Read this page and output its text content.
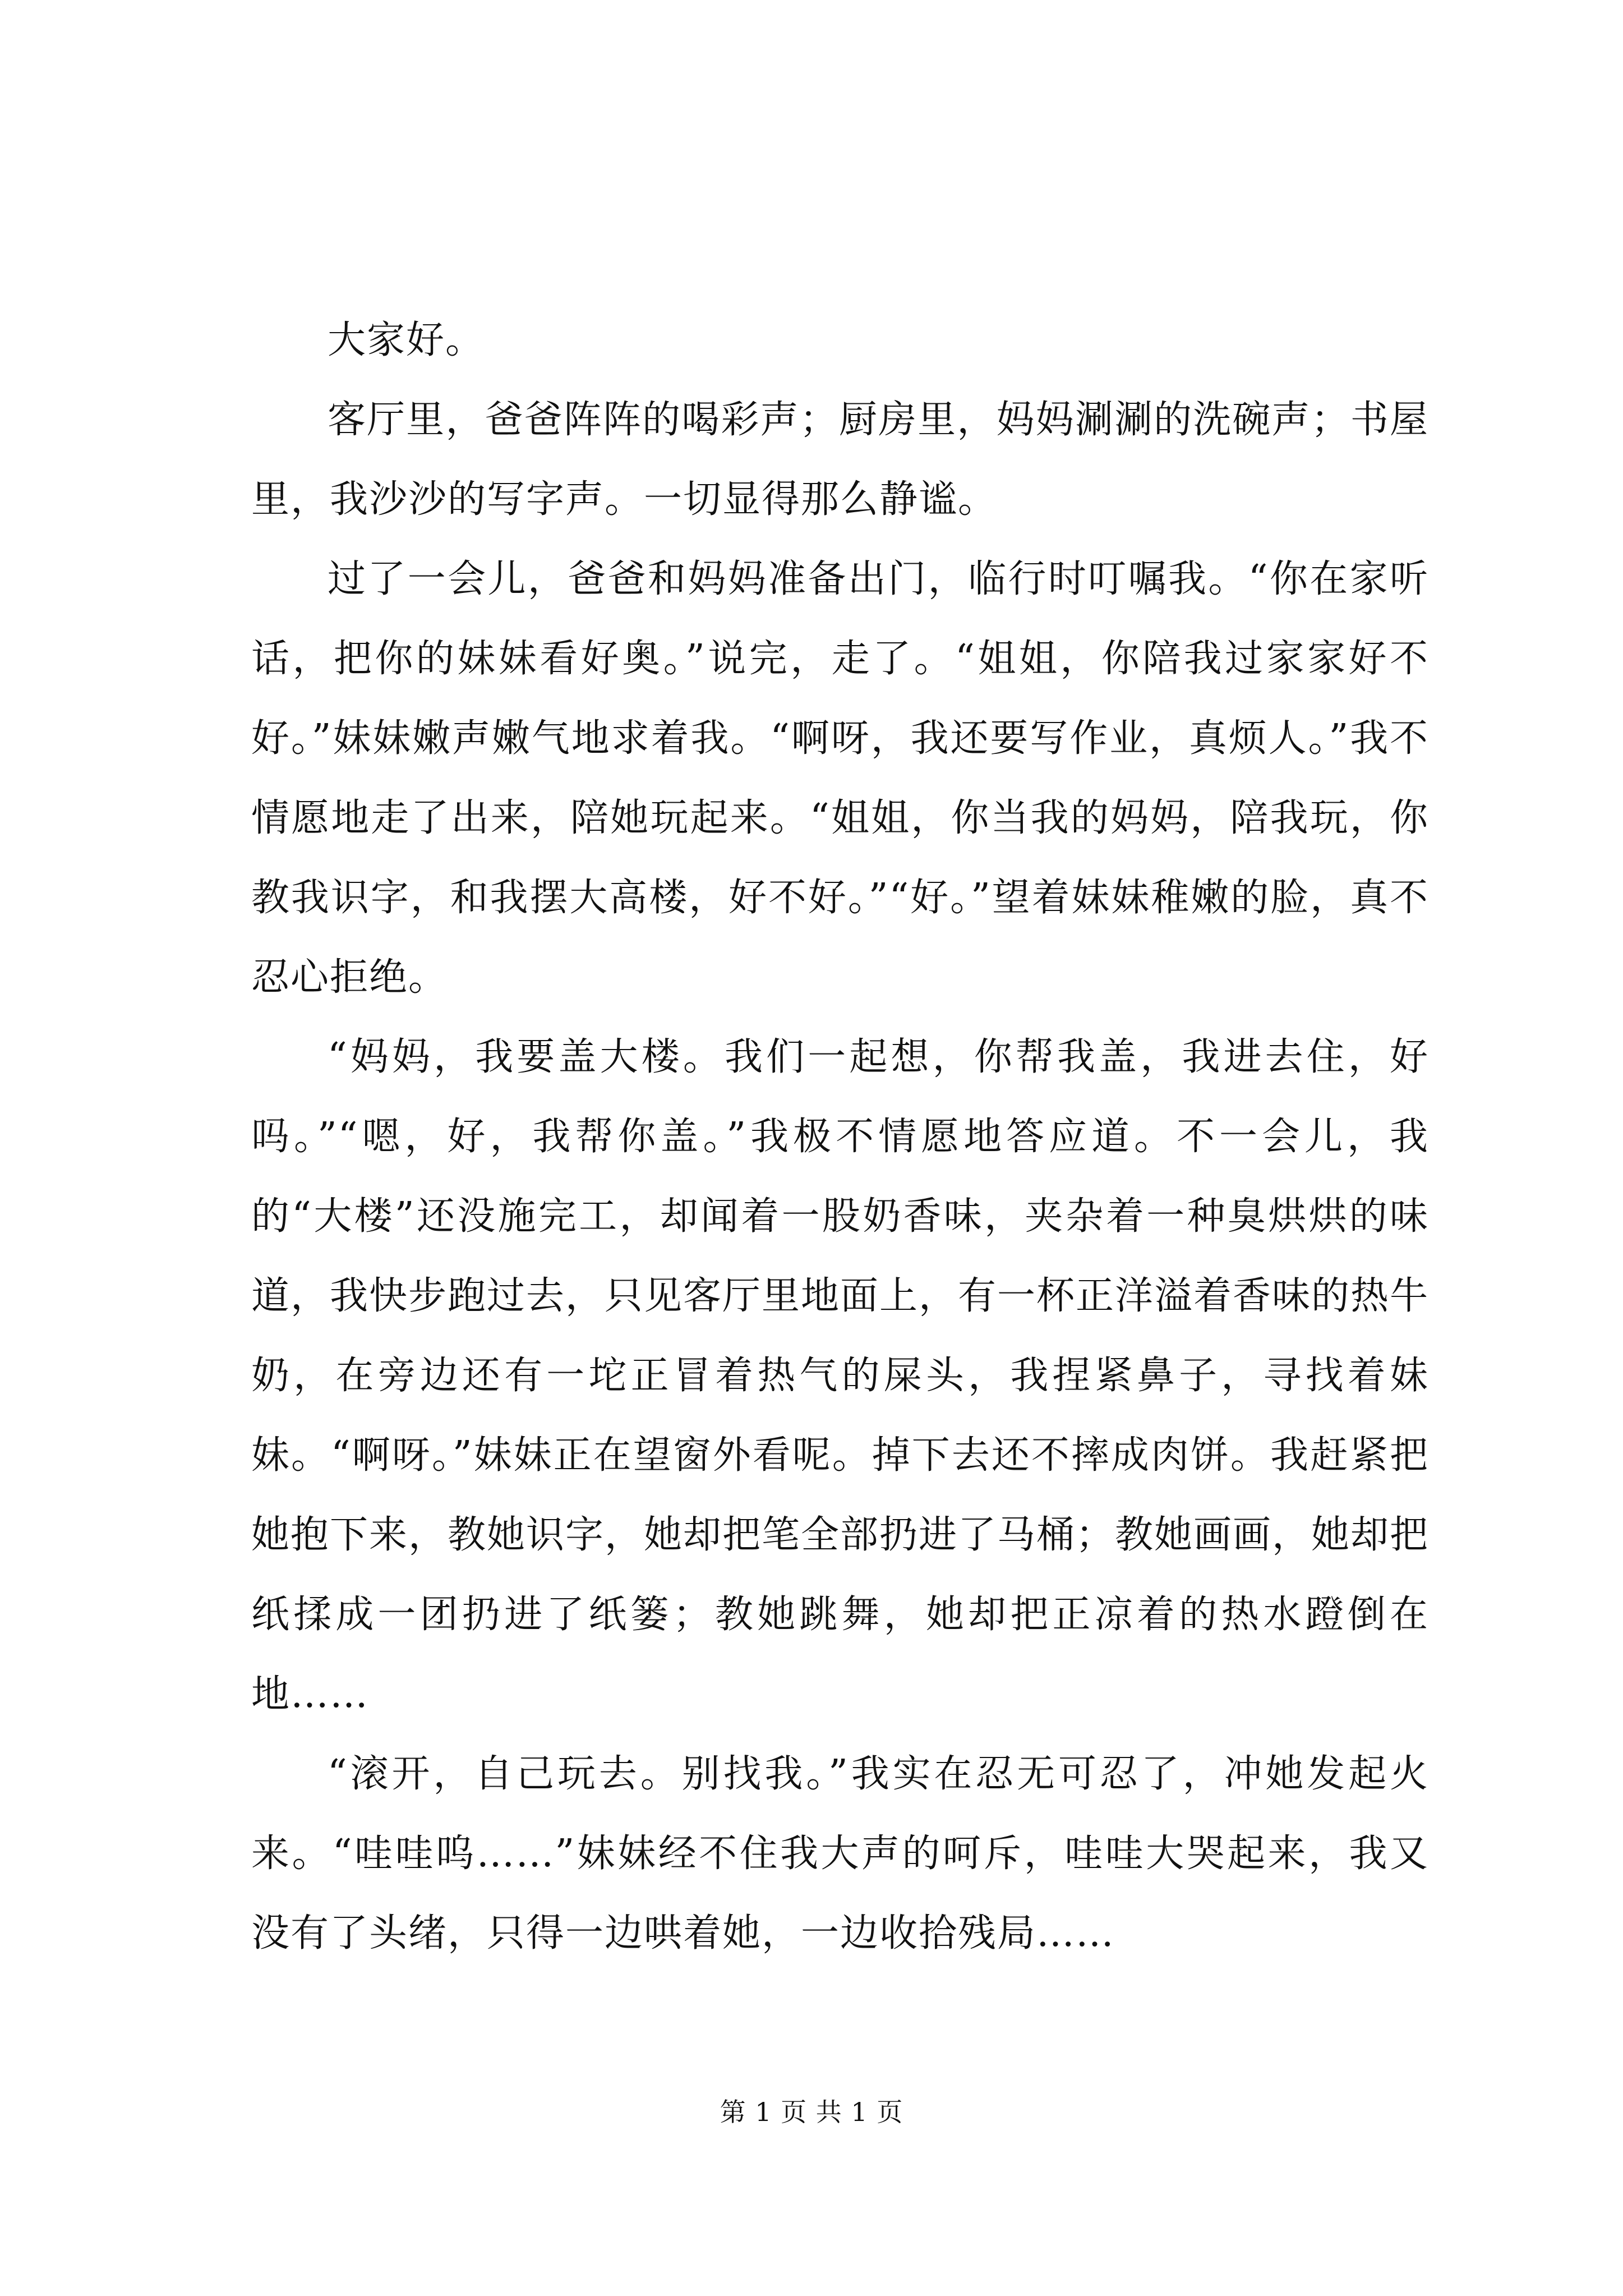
大家好。

客厅里，爸爸阵阵的喝彩声；厨房里，妈妈涮涮的洗碗声；书屋里，我沙沙的写字声。一切显得那么静谧。

过了一会儿，爸爸和妈妈准备出门，临行时叮嘱我。“你在家听话，把你的妹妹看好奥。”说完，走了。“姐姐，你陪我过家家好不好。”妹妹嫩声嫩气地求着我。“啊呀，我还要写作业，真烦人。”我不情愿地走了出来，陪她玩起来。“姐姐，你当我的妈妈，陪我玩，你教我识字，和我摆大高楼，好不好。”“好。”望着妹妹稚嫩的脸，真不忍心拒绝。

“妈妈，我要盖大楼。我们一起想，你帮我盖，我进去住，好吗。”“嗯，好，我帮你盖。”我极不情愿地答应道。不一会儿，我的“大楼”还没施完工，却闻着一股奶香味，夹杂着一种臭烘烘的味道，我快步跑过去，只见客厅里地面上，有一杯正洋溢着香味的热牛奶，在旁边还有一坨正冒着热气的屎头，我捏紧鼻子，寻找着妹妹。“啊呀。”妹妹正在望窗外看呢。掉下去还不摔成肉饼。我赶紧把她抱下来，教她识字，她却把笔全部扔进了马桶；教她画画，她却把纸揉成一团扔进了纸篓；教她跳舞，她却把正凉着的热水蹬倒在地……

“滚开，自己玩去。别找我。”我实在忍无可忍了，冲她发起火来。“哇哇呜……”妹妹经不住我大声的呵斥，哇哇大哭起来，我又没有了头绪，只得一边哄着她，一边收拾残局……

第 1 页 共 1 页
